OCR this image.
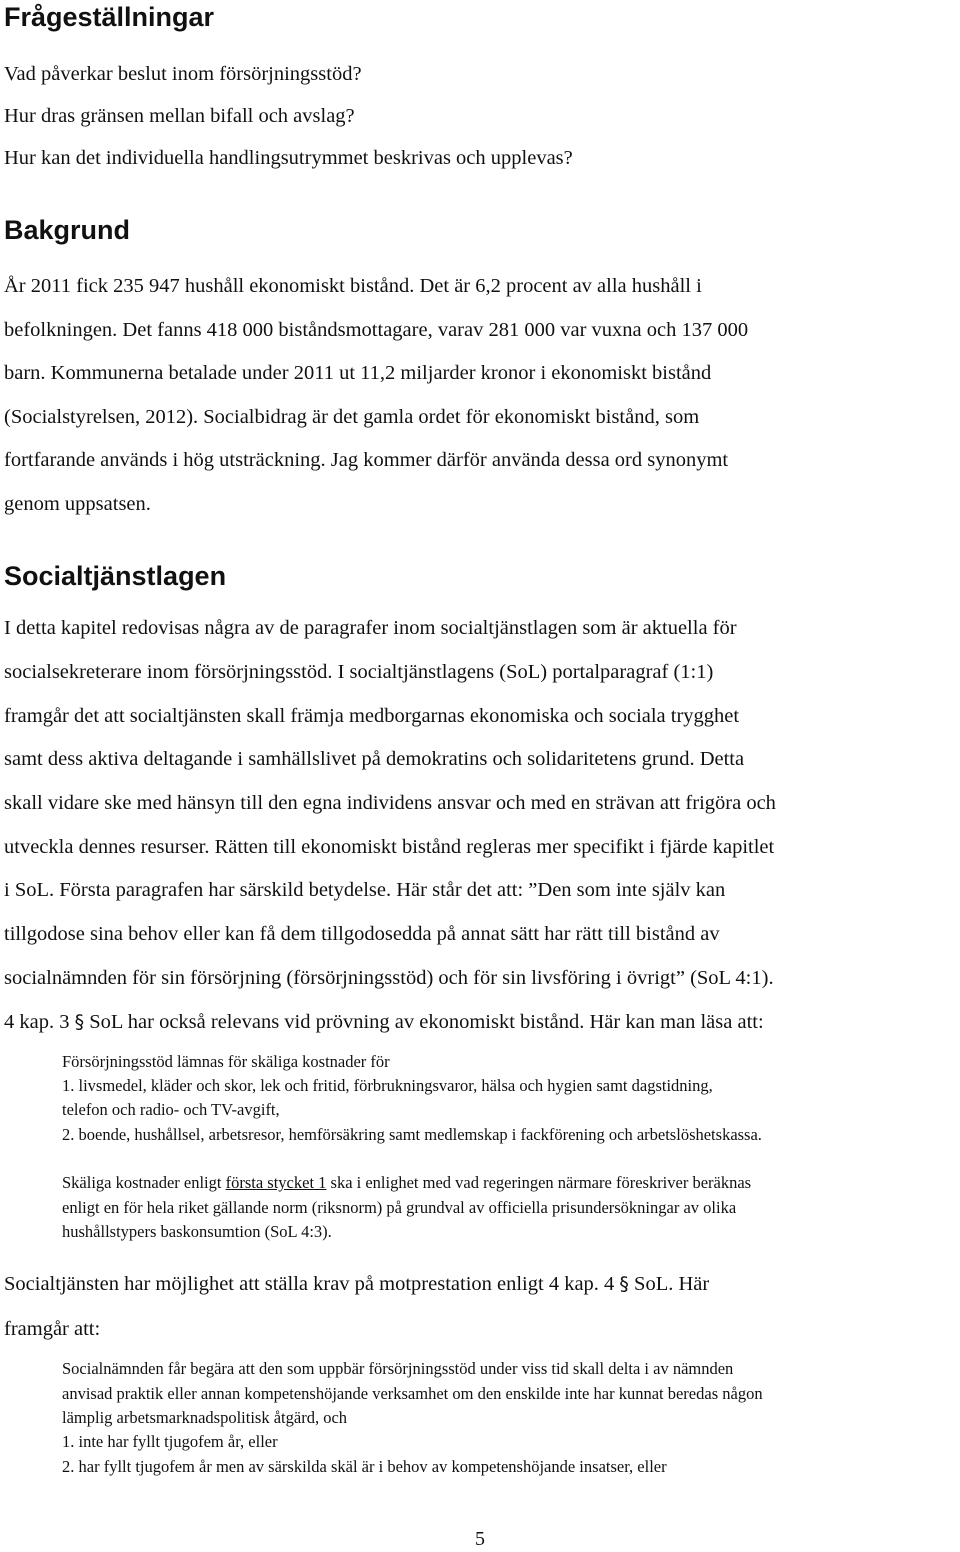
Frågeställningar

Vad påverkar beslut inom försörjningsstöd?

Hur dras gränsen mellan bifall och avslag?

Hur kan det individuella handlingsutrymmet beskrivas och upplevas?

Bakgrund

År 2011 fick 235 947 hushåll ekonomiskt bistånd. Det är 6,2 procent av alla hushåll i

befolkningen. Det fanns 418 000 biståndsmottagare, varav 281 000 var vuxna och 137 000

barn. Kommunerna betalade under 2011 ut 11,2 miljarder kronor i ekonomiskt bistånd

(Socialstyrelsen, 2012). Socialbidrag är det gamla ordet för ekonomiskt bistånd, som

fortfarande används i hög utsträckning. Jag kommer därför använda dessa ord synonymt

genom uppsatsen.

Socialtjänstlagen

I detta kapitel redovisas några av de paragrafer inom socialtjänstlagen som är aktuella för

socialsekreterare inom försörjningsstöd. I socialtjänstlagens (SoL) portalparagraf (1:1)

framgår det att socialtjänsten skall främja medborgarnas ekonomiska och sociala trygghet

samt dess aktiva deltagande i samhällslivet på demokratins och solidaritetens grund. Detta

skall vidare ske med hänsyn till den egna individens ansvar och med en strävan att frigöra och

utveckla dennes resurser. Rätten till ekonomiskt bistånd regleras mer specifikt i fjärde kapitlet

i SoL. Första paragrafen har särskild betydelse. Här står det att: ”Den som inte själv kan

tillgodose sina behov eller kan få dem tillgodosedda på annat sätt har rätt till bistånd av

socialnämnden för sin försörjning (försörjningsstöd) och för sin livsföring i övrigt” (SoL 4:1).

4 kap. 3 § SoL har också relevans vid prövning av ekonomiskt bistånd. Här kan man läsa att:

Försörjningsstöd lämnas för skäliga kostnader för

1. livsmedel, kläder och skor, lek och fritid, förbrukningsvaror, hälsa och hygien samt dagstidning,

telefon och radio- och TV-avgift,

2. boende, hushållsel, arbetsresor, hemförsäkring samt medlemskap i fackförening och arbetslöshetskassa.

Skäliga kostnader enligt första stycket 1 ska i enlighet med vad regeringen närmare föreskriver beräknas

enligt en för hela riket gällande norm (riksnorm) på grundval av officiella prisundersökningar av olika

hushållstypers baskonsumtion (SoL 4:3).

Socialtjänsten har möjlighet att ställa krav på motprestation enligt 4 kap. 4 § SoL. Här

framgår att:

Socialnämnden får begära att den som uppbär försörjningsstöd under viss tid skall delta i av nämnden

anvisad praktik eller annan kompetenshöjande verksamhet om den enskilde inte har kunnat beredas någon

lämplig arbetsmarknadspolitisk åtgärd, och

1. inte har fyllt tjugofem år, eller

2. har fyllt tjugofem år men av särskilda skäl är i behov av kompetenshöjande insatser, eller

5
